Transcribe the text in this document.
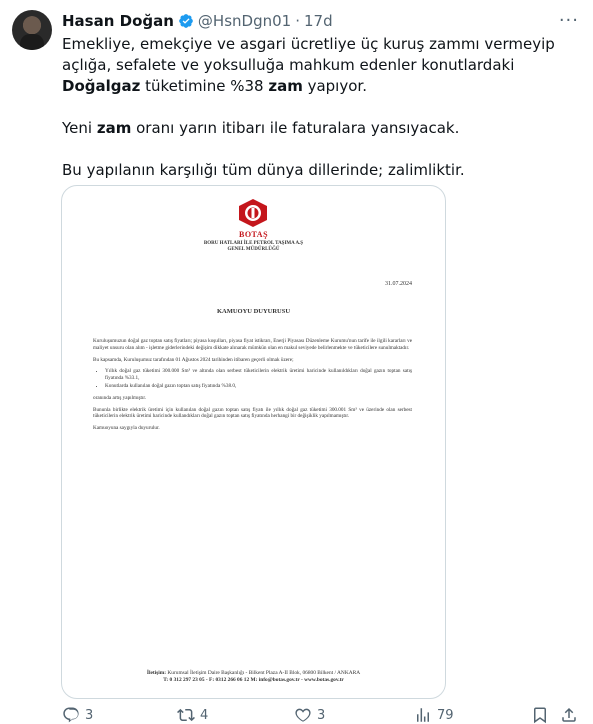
Hasan Doğan @HsnDgn01 · 17d	···

Emekliye, emekçiye ve asgari ücretliye üç kuruş zammı vermeyip açlığa, sefalete ve yoksulluğa mahkum edenler konutlardaki Doğalgaz tüketimine %38 zam yapıyor.

Yeni zam oranı yarın itibarı ile faturalara yansıyacak.

Bu yapılanın karşılığı tüm dünya dillerinde; zalimliktir.

BOTAŞ
BORU HATLARI İLE PETROL TAŞIMA A.Ş
GENEL MÜDÜRLÜĞÜ
31.07.2024
KAMUOYU DUYURUSU

Kuruluşumuzun doğal gaz toptan satış fiyatları; piyasa koşulları, piyasa fiyat istikrarı, Enerji Piyasası Düzenleme Kurumu'nun tarife ile ilgili kararları ve maliyet unsuru olan alım - işletme giderlerindeki değişim dikkate alınarak mümkün olan en makul seviyede belirlenmekte ve tüketicilere sunulmaktadır.

Bu kapsamda, Kuruluşumuz tarafından 01 Ağustos 2024 tarihinden itibaren geçerli olmak üzere;

• Yıllık doğal gaz tüketimi 300.000 Sm³ ve altında olan serbest tüketicilerin elektrik üretimi haricinde kullanıldıkları doğal gazın toptan satış fiyatında %33.1,
• Konutlarda kullanılan doğal gazın toptan satış fiyatında %38.0,

oranında artış yapılmıştır.

Bununla birlikte elektrik üretimi için kullanılan doğal gazın toptan satış fiyatı ile yıllık doğal gaz tüketimi 300.001 Sm³ ve üzerinde olan serbest tüketicilerin elektrik üretimi haricinde kullandıkları doğal gazın toptan satış fiyatında herhangi bir değişiklik yapılmamıştır.

Kamuoyuna saygıyla duyurulur.

İletişim: Kurumsal İletişim Daire Başkanlığı - Bilkent Plaza A-II Blok, 06800 Bilkent / ANKARA
T: 0 312 297 23 05 - F: 0312 266 06 12 M: info@botas.gov.tr - www.botas.gov.tr
3	4	3	79
